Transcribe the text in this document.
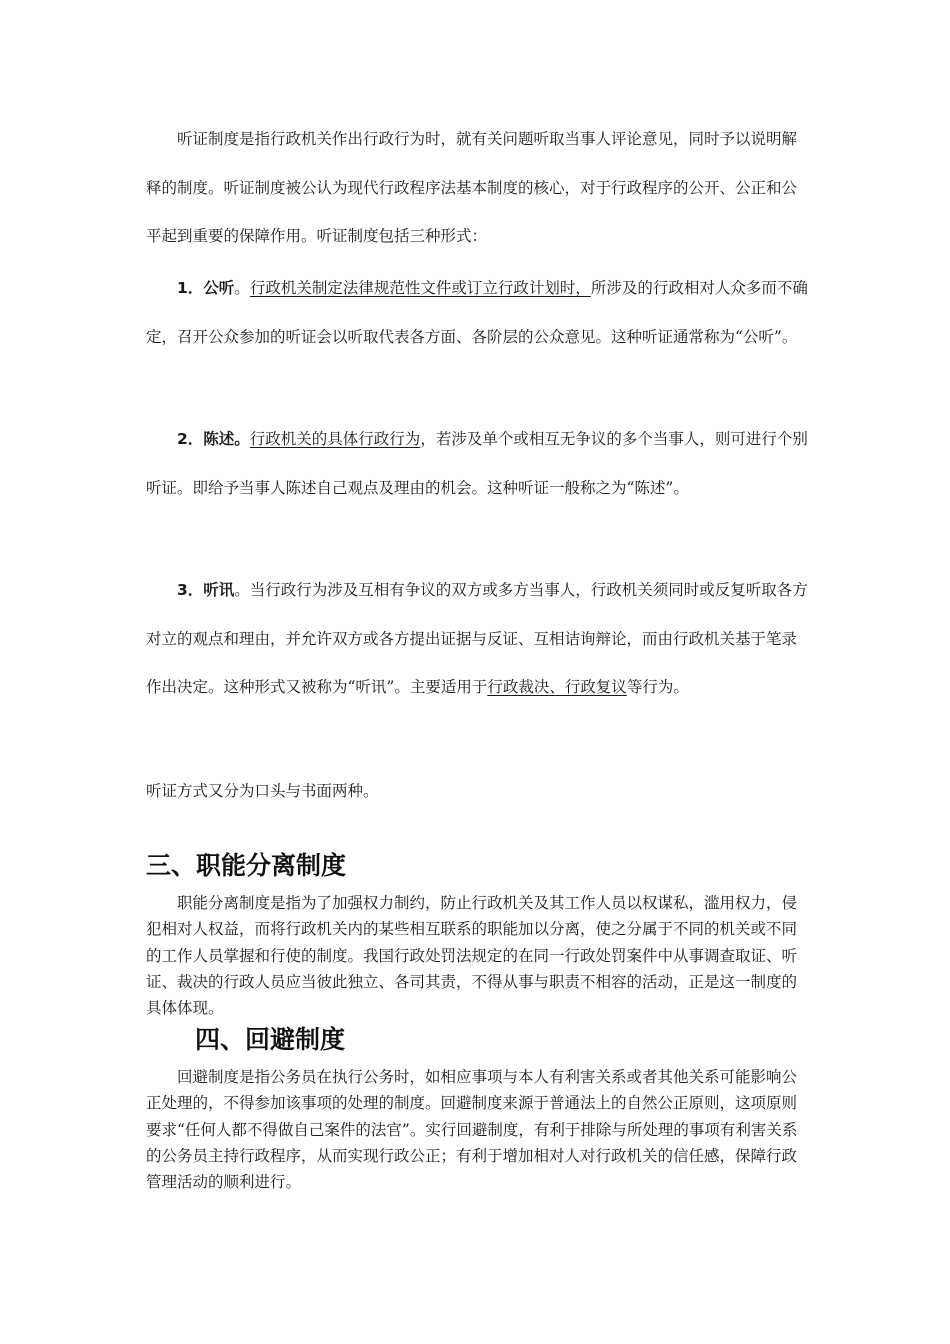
听证制度是指行政机关作出行政行为时，就有关问题听取当事人评论意见，同时予以说明解释的制度。听证制度被公认为现代行政程序法基本制度的核心，对于行政程序的公开、公正和公平起到重要的保障作用。听证制度包括三种形式：

1．公听。行政机关制定法律规范性文件或订立行政计划时，所涉及的行政相对人众多而不确定，召开公众参加的听证会以听取代表各方面、各阶层的公众意见。这种听证通常称为“公听”。

2．陈述。行政机关的具体行政行为，若涉及单个或相互无争议的多个当事人，则可进行个别听证。即给予当事人陈述自己观点及理由的机会。这种听证一般称之为“陈述”。

3．听讯。当行政行为涉及互相有争议的双方或多方当事人，行政机关须同时或反复听取各方对立的观点和理由，并允许双方或各方提出证据与反证、互相诘询辩论，而由行政机关基于笔录作出决定。这种形式又被称为“听讯”。主要适用于行政裁决、行政复议等行为。

听证方式又分为口头与书面两种。

三、职能分离制度

职能分离制度是指为了加强权力制约，防止行政机关及其工作人员以权谋私，滥用权力，侵犯相对人权益，而将行政机关内的某些相互联系的职能加以分离，使之分属于不同的机关或不同的工作人员掌握和行使的制度。我国行政处罚法规定的在同一行政处罚案件中从事调查取证、听证、裁决的行政人员应当彼此独立、各司其责，不得从事与职责不相容的活动，正是这一制度的具体体现。

四、回避制度

回避制度是指公务员在执行公务时，如相应事项与本人有利害关系或者其他关系可能影响公正处理的，不得参加该事项的处理的制度。回避制度来源于普通法上的自然公正原则，这项原则要求“任何人都不得做自己案件的法官”。实行回避制度，有利于排除与所处理的事项有利害关系的公务员主持行政程序，从而实现行政公正；有利于增加相对人对行政机关的信任感，保障行政管理活动的顺利进行。
